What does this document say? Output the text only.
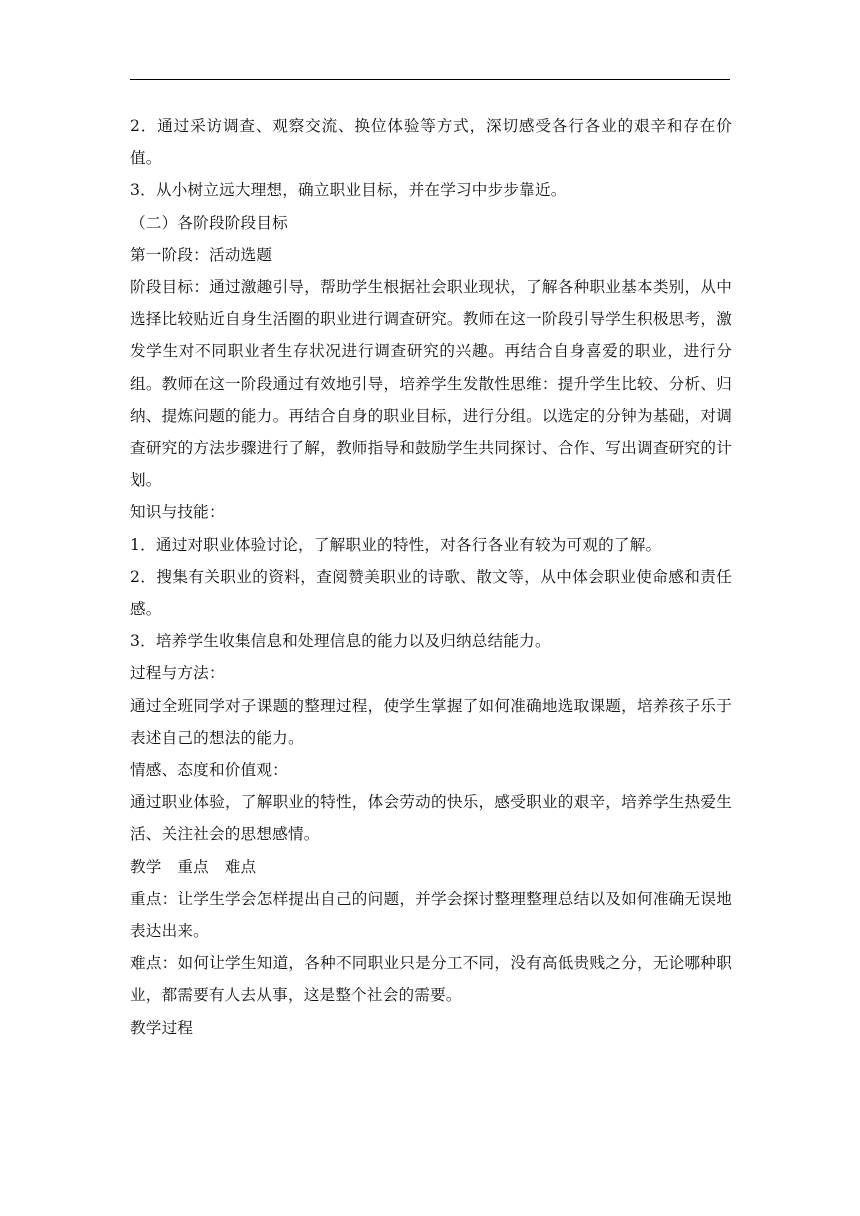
2．通过采访调查、观察交流、换位体验等方式，深切感受各行各业的艰辛和存在价值。

3．从小树立远大理想，确立职业目标，并在学习中步步靠近。

（二）各阶段阶段目标

第一阶段：活动选题

阶段目标：通过激趣引导，帮助学生根据社会职业现状，了解各种职业基本类别，从中选择比较贴近自身生活圈的职业进行调查研究。教师在这一阶段引导学生积极思考，激发学生对不同职业者生存状况进行调查研究的兴趣。再结合自身喜爱的职业，进行分组。教师在这一阶段通过有效地引导，培养学生发散性思维：提升学生比较、分析、归纳、提炼问题的能力。再结合自身的职业目标，进行分组。以选定的分钟为基础，对调查研究的方法步骤进行了解，教师指导和鼓励学生共同探讨、合作、写出调查研究的计划。

知识与技能：

1．通过对职业体验讨论，了解职业的特性，对各行各业有较为可观的了解。

2．搜集有关职业的资料，查阅赞美职业的诗歌、散文等，从中体会职业使命感和责任感。

3．培养学生收集信息和处理信息的能力以及归纳总结能力。

过程与方法：

通过全班同学对子课题的整理过程，使学生掌握了如何准确地选取课题，培养孩子乐于表述自己的想法的能力。

情感、态度和价值观：

通过职业体验，了解职业的特性，体会劳动的快乐，感受职业的艰辛，培养学生热爱生活、关注社会的思想感情。

教学　重点　难点

重点：让学生学会怎样提出自己的问题，并学会探讨整理整理总结以及如何准确无误地表达出来。

难点：如何让学生知道，各种不同职业只是分工不同，没有高低贵贱之分，无论哪种职业，都需要有人去从事，这是整个社会的需要。

教学过程
